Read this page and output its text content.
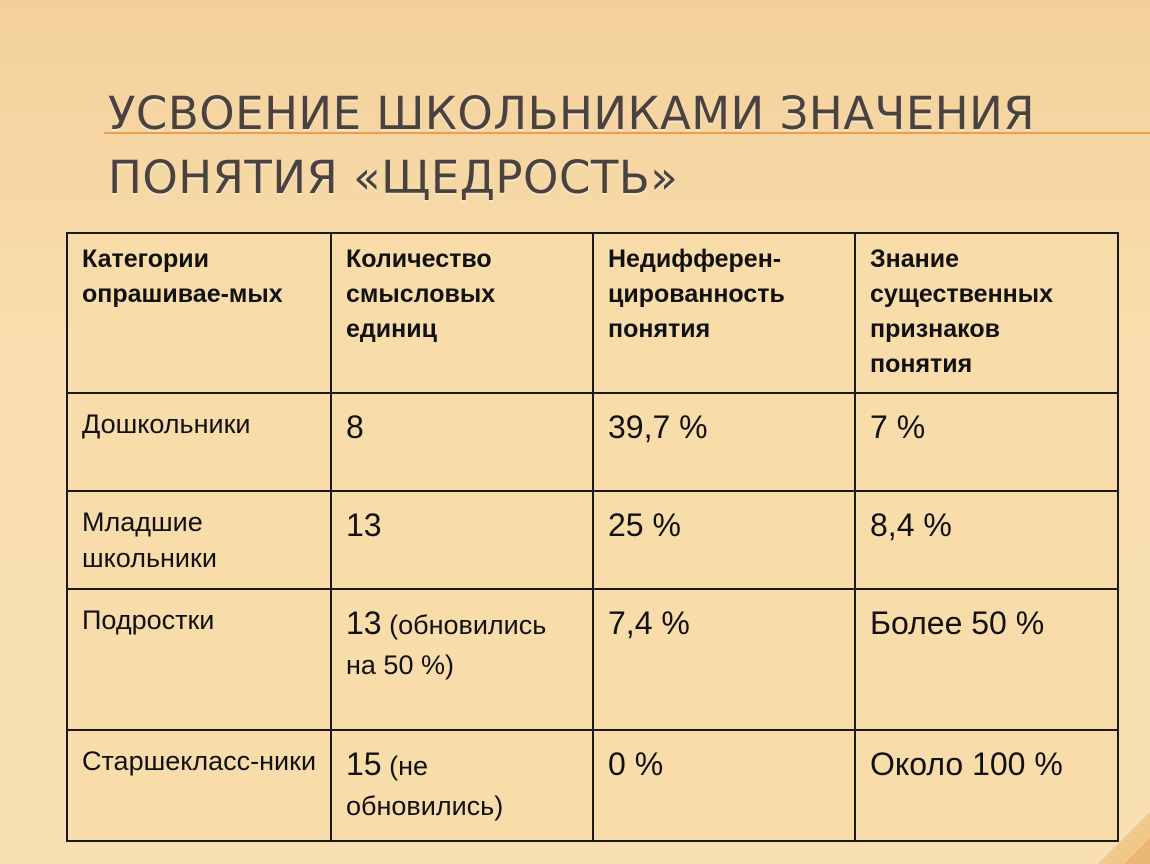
УСВОЕНИЕ ШКОЛЬНИКАМИ ЗНАЧЕНИЯ
ПОНЯТИЯ «ЩЕДРОСТЬ»
Категории опрашивае-мых	Количество смысловых единиц	Недифферен-цированность понятия	Знание существенных признаков понятия
Дошкольники	8	39,7 %	7 %
Младшие школьники	13	25 %	8,4 %
Подростки	13 (обновились на 50 %)	7,4 %	Более 50 %
Старшекласс-ники	15 (не обновились)	0 %	Около 100 %
